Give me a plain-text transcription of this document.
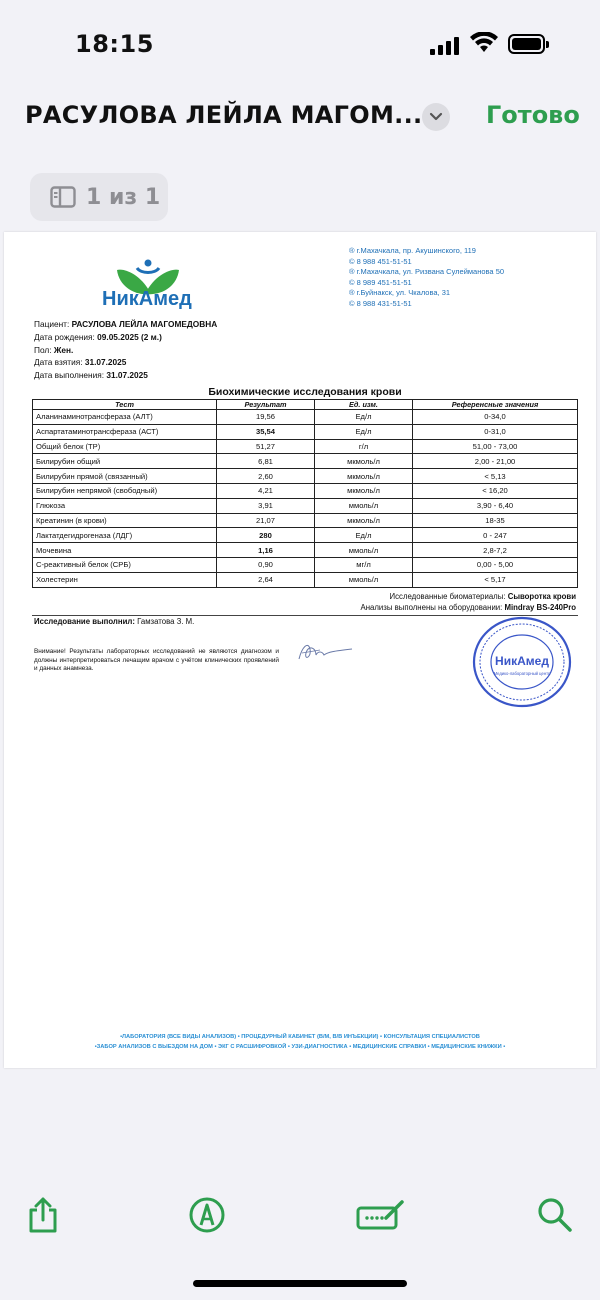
18:15
РАСУЛОВА ЛЕЙЛА МАГОМ...	Готово
1 из 1
НикАмед
® г.Махачкала, пр. Акушинского, 119
© 8 988 451-51-51
® г.Махачкала, ул. Ризвана Сулейманова 50
© 8 989 451-51-51
® г.Буйнакск, ул. Чкалова, 31
© 8 988 431-51-51
Пациент: РАСУЛОВА ЛЕЙЛА МАГОМЕДОВНА
Дата рождения: 09.05.2025 (2 м.)
Пол: Жен.
Дата взятия: 31.07.2025
Дата выполнения: 31.07.2025
Биохимические исследования крови
Тест	Результат	Ед. изм.	Референсные значения
Аланинаминотрансфераза (АЛТ)	19,56	Ед/л	0-34,0
Аспартатаминотрансфераза (АСТ)	35,54	Ед/л	0-31,0
Общий белок (ТР)	51,27	г/л	51,00 - 73,00
Билирубин общий	6,81	мкмоль/л	2,00 - 21,00
Билирубин прямой (связанный)	2,60	мкмоль/л	< 5,13
Билирубин непрямой (свободный)	4,21	мкмоль/л	< 16,20
Глюкоза	3,91	ммоль/л	3,90 - 6,40
Креатинин (в крови)	21,07	мкмоль/л	18-35
Лактатдегидрогеназа (ЛДГ)	280	Ед/л	0 - 247
Мочевина	1,16	ммоль/л	2,8-7,2
С-реактивный белок (СРБ)	0,90	мг/л	0,00 - 5,00
Холестерин	2,64	ммоль/л	< 5,17
Исследованные биоматериалы: Сыворотка крови
Анализы выполнены на оборудовании: Mindray BS-240Pro
Исследование выполнил: Гамзатова З. М.
Внимание! Результаты лабораторных исследований не являются диагнозом и должны интерпретироваться лечащим врачом с учётом клинических проявлений и данных анамнеза.
НикАмед
Медико-лабораторный центр
•ЛАБОРАТОРИЯ (ВСЕ ВИДЫ АНАЛИЗОВ) • ПРОЦЕДУРНЫЙ КАБИНЕТ (В/М, В/В ИНЪЕКЦИИ) • КОНСУЛЬТАЦИЯ СПЕЦИАЛИСТОВ
•ЗАБОР АНАЛИЗОВ С ВЫЕЗДОМ НА ДОМ • ЭКГ С РАСШИФРОВКОЙ • УЗИ-ДИАГНОСТИКА • МЕДИЦИНСКИЕ СПРАВКИ • МЕДИЦИНСКИЕ КНИЖКИ •
